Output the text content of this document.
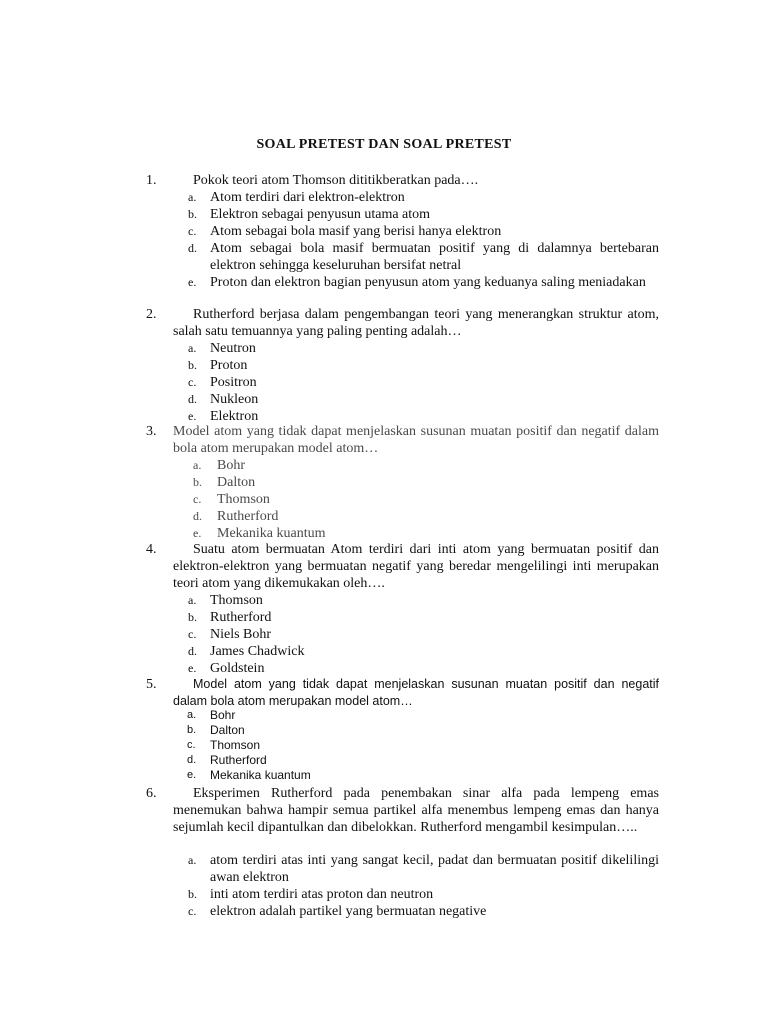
SOAL PRETEST DAN SOAL PRETEST
1.	Pokok teori atom Thomson dititikberatkan pada….
a. Atom terdiri dari elektron-elektron
b. Elektron sebagai penyusun utama atom
c. Atom sebagai bola masif yang berisi hanya elektron
d. Atom sebagai bola masif bermuatan positif yang di dalamnya bertebaran elektron sehingga keseluruhan bersifat netral
e. Proton dan elektron bagian penyusun atom yang keduanya saling meniadakan
2.	Rutherford berjasa dalam pengembangan teori yang menerangkan struktur atom, salah satu temuannya yang paling penting adalah…
a. Neutron
b. Proton
c. Positron
d. Nukleon
e. Elektron
3. Model atom yang tidak dapat menjelaskan susunan muatan positif dan negatif dalam bola atom merupakan model atom…
a. Bohr
b. Dalton
c. Thomson
d. Rutherford
e. Mekanika kuantum
4.	Suatu atom bermuatan Atom terdiri dari inti atom yang bermuatan positif dan elektron-elektron yang bermuatan negatif yang beredar mengelilingi inti merupakan teori atom yang dikemukakan oleh….
a. Thomson
b. Rutherford
c. Niels Bohr
d. James Chadwick
e. Goldstein
5.	Model atom yang tidak dapat menjelaskan susunan muatan positif dan negatif dalam bola atom merupakan model atom…
a. Bohr
b. Dalton
c. Thomson
d. Rutherford
e. Mekanika kuantum
6.	Eksperimen Rutherford pada penembakan sinar alfa pada lempeng emas menemukan bahwa hampir semua partikel alfa menembus lempeng emas dan hanya sejumlah kecil dipantulkan dan dibelokkan. Rutherford mengambil kesimpulan…..
a. atom terdiri atas inti yang sangat kecil, padat dan bermuatan positif dikelilingi awan elektron
b. inti atom terdiri atas proton dan neutron
c. elektron adalah partikel yang bermuatan negative
